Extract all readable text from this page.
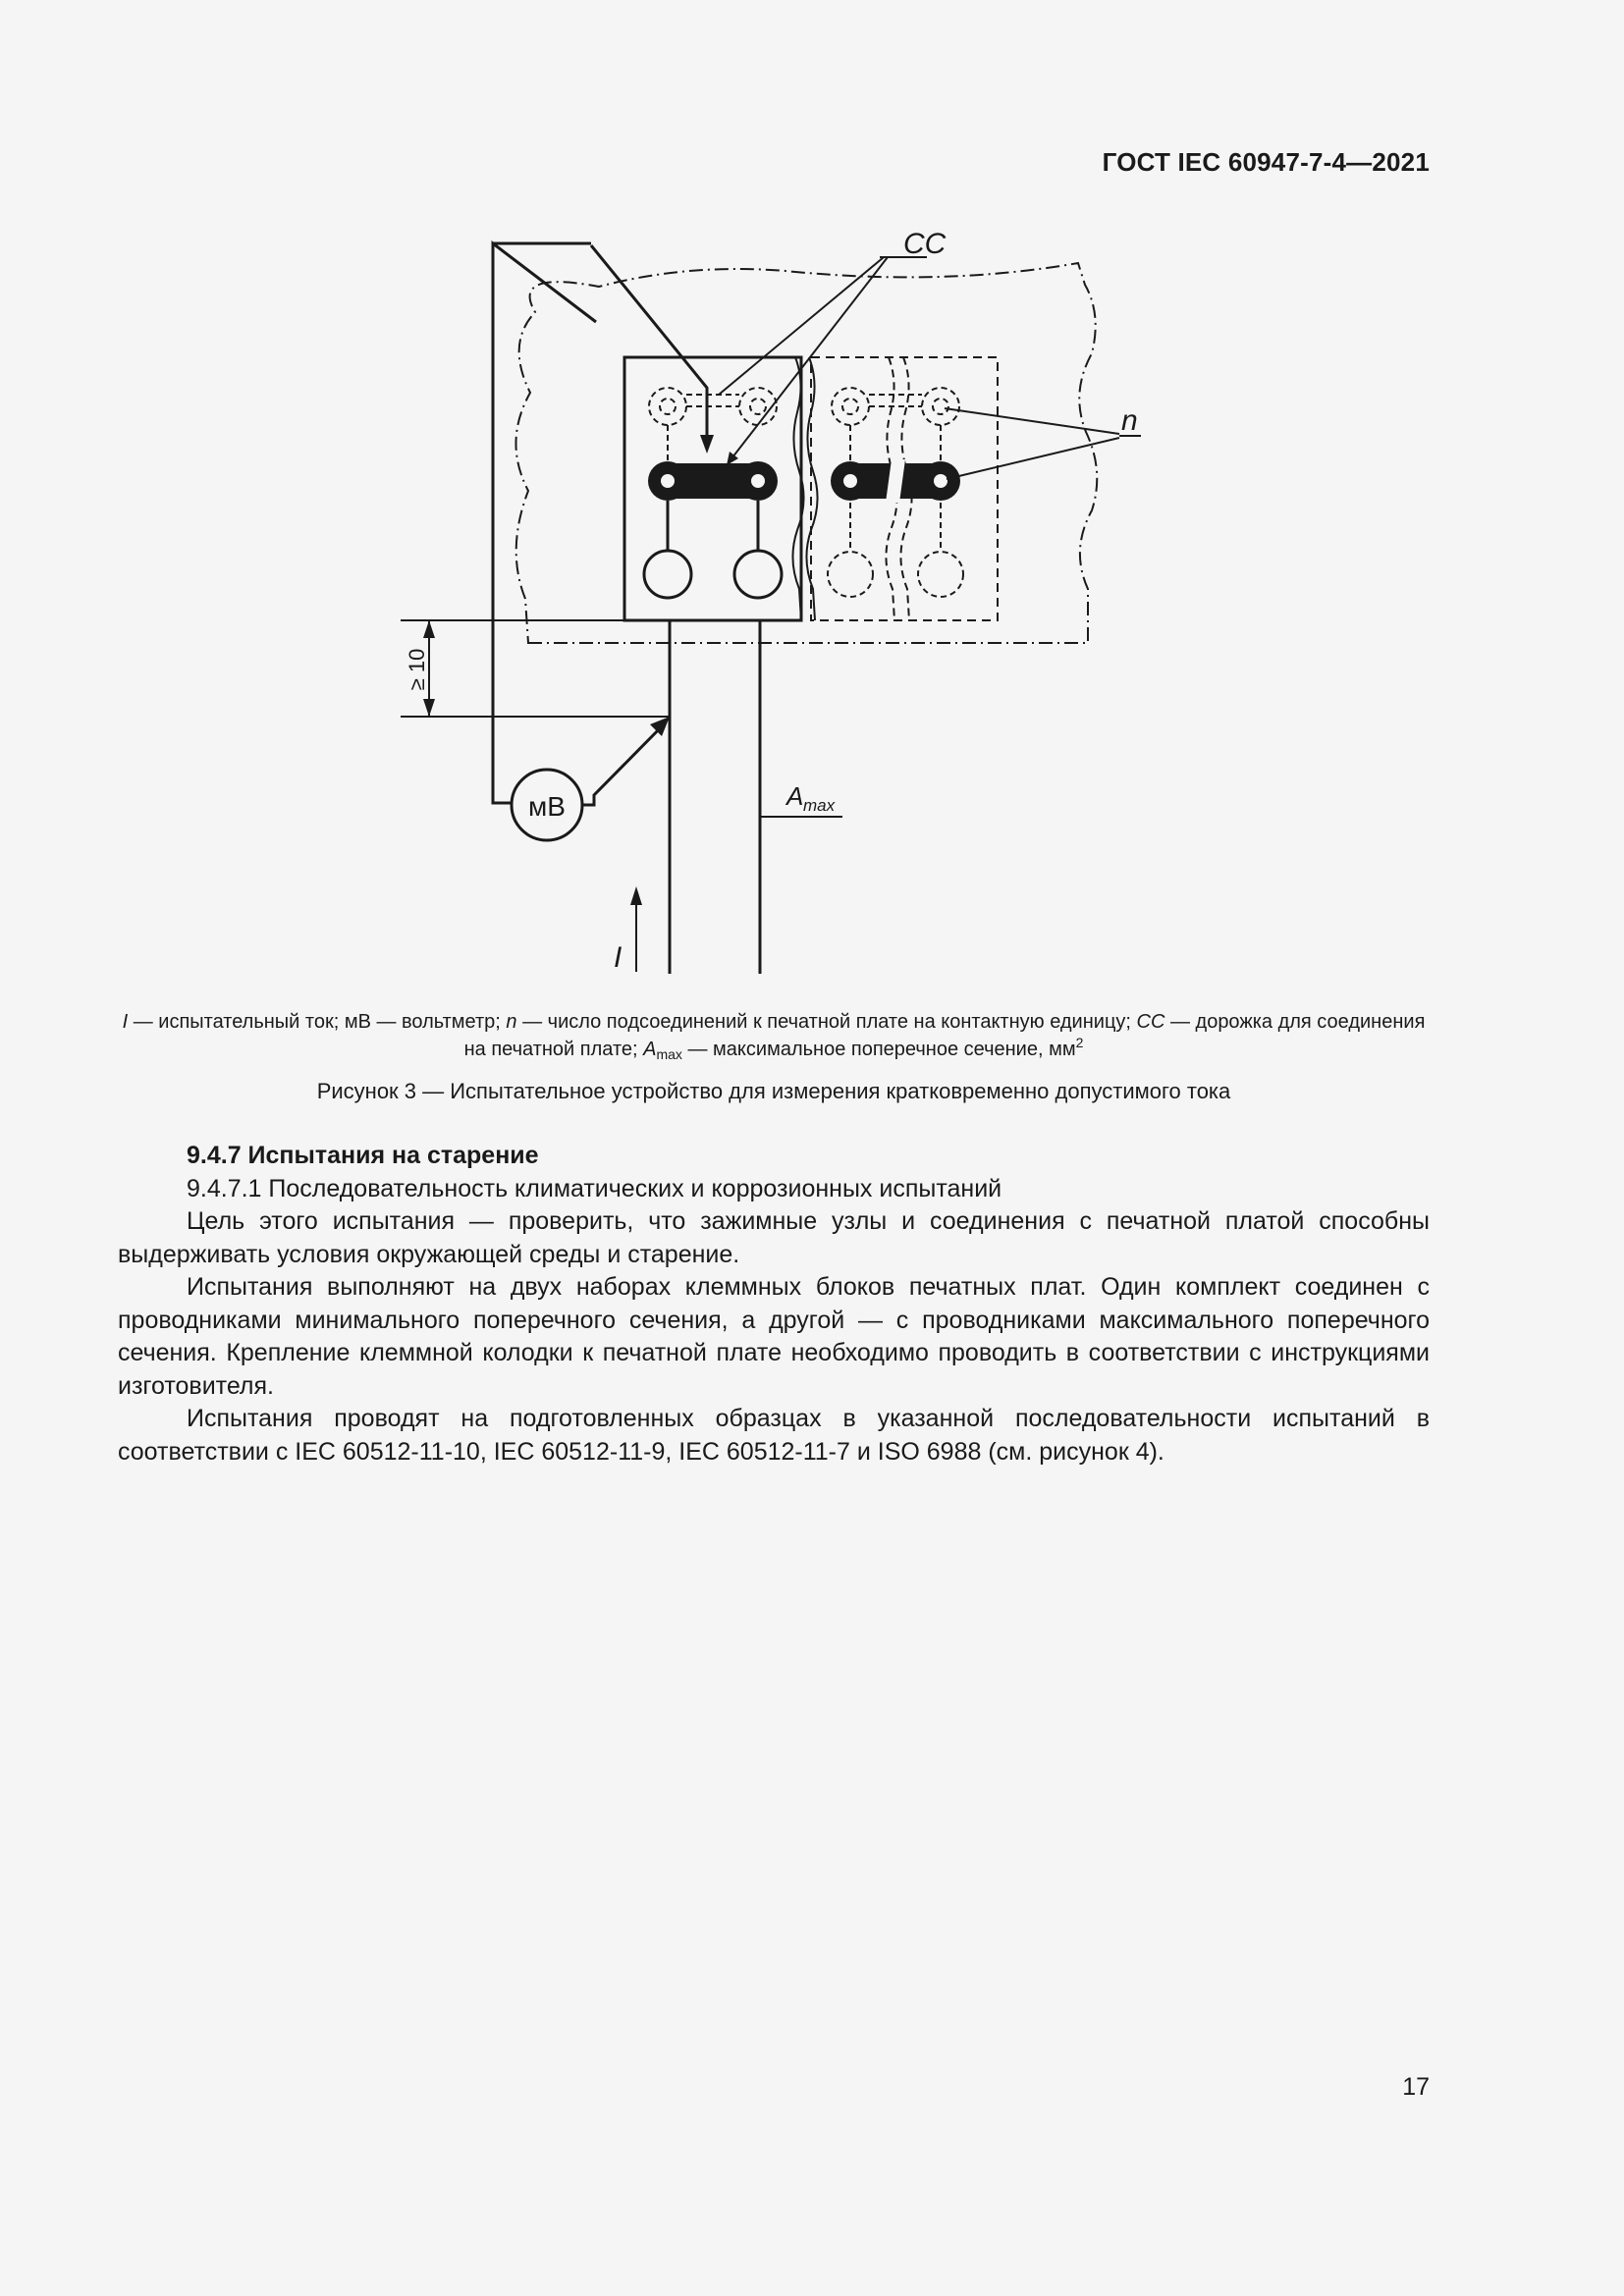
ГОСТ IEC 60947-7-4—2021
мВ
CC
n
≥ 10
A max
I
I — испытательный ток; мВ — вольтметр; n — число подсоединений к печатной плате на контактную единицу; CC — дорожка для соединения на печатной плате; $A_{max}$ — максимальное поперечное сечение, $мм^2$
Рисунок 3 — Испытательное устройство для измерения кратковременно допустимого тока
9.4.7 Испытания на старение

9.4.7.1 Последовательность климатических и коррозионных испытаний

Цель этого испытания — проверить, что зажимные узлы и соединения с печатной платой способны выдерживать условия окружающей среды и старение.

Испытания выполняют на двух наборах клеммных блоков печатных плат. Один комплект соединен с проводниками минимального поперечного сечения, а другой — с проводниками максимального поперечного сечения. Крепление клеммной колодки к печатной плате необходимо проводить в соответствии с инструкциями изготовителя.

Испытания проводят на подготовленных образцах в указанной последовательности испытаний в соответствии с IEC 60512-11-10, IEC 60512-11-9, IEC 60512-11-7 и ISO 6988 (см. рисунок 4).

17
